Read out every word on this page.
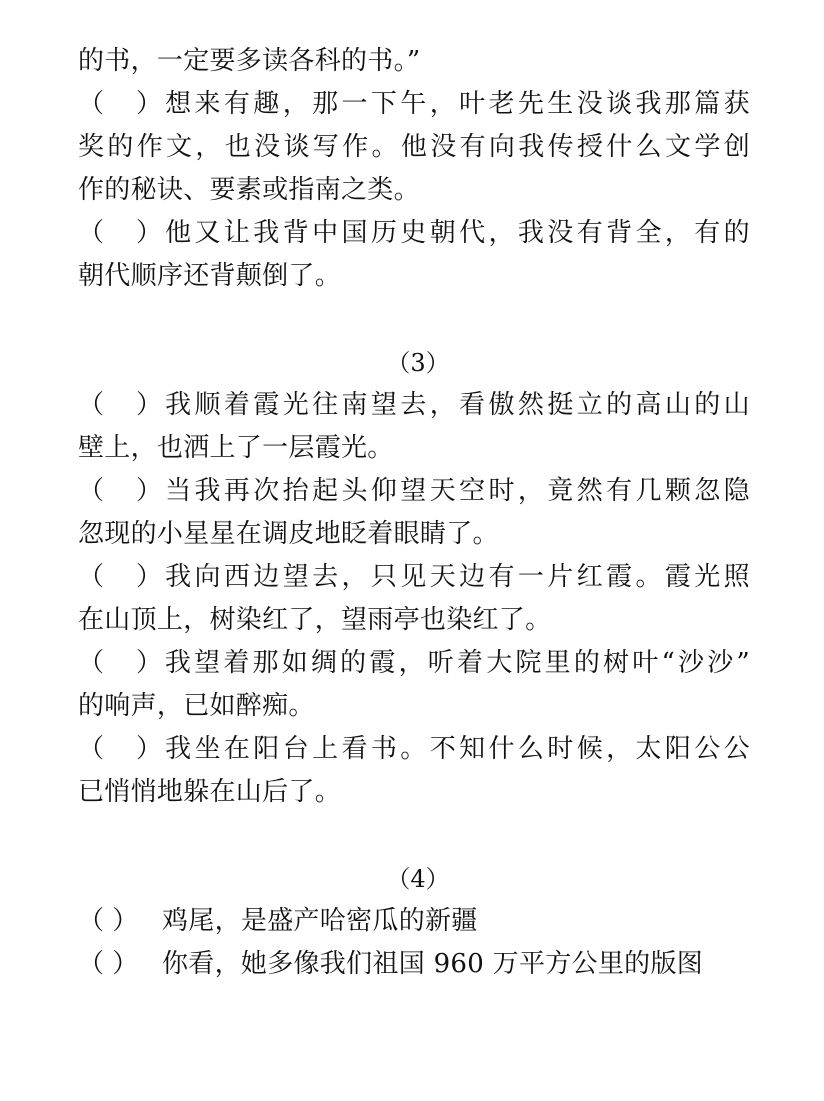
的书，一定要多读各科的书。”
（ ）想来有趣，那一下午，叶老先生没谈我那篇获
奖的作文，也没谈写作。他没有向我传授什么文学创
作的秘诀、要素或指南之类。
（ ）他又让我背中国历史朝代，我没有背全，有的
朝代顺序还背颠倒了。
（3）
（ ）我顺着霞光往南望去，看傲然挺立的高山的山
壁上，也洒上了一层霞光。
（ ）当我再次抬起头仰望天空时，竟然有几颗忽隐
忽现的小星星在调皮地眨着眼睛了。
（ ）我向西边望去，只见天边有一片红霞。霞光照
在山顶上，树染红了，望雨亭也染红了。
（ ）我望着那如绸的霞，听着大院里的树叶“沙沙”
的响声，已如醉痴。
（ ）我坐在阳台上看书。不知什么时候，太阳公公
已悄悄地躲在山后了。
（4）
（ ） 鸡尾，是盛产哈密瓜的新疆
（ ） 你看，她多像我们祖国 960 万平方公里的版图
